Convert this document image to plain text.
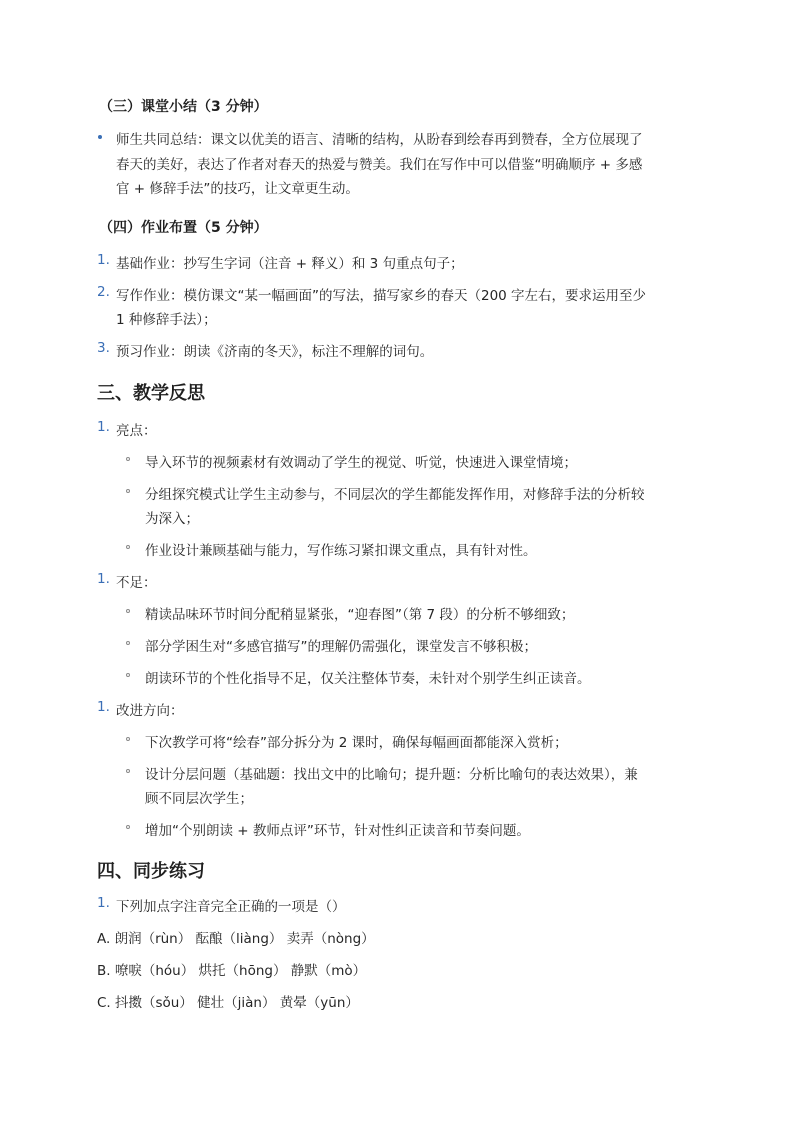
（三）课堂小结（3 分钟）
师生共同总结：课文以优美的语言、清晰的结构，从盼春到绘春再到赞春，全方位展现了
春天的美好，表达了作者对春天的热爱与赞美。我们在写作中可以借鉴“明确顺序 + 多感
官 + 修辞手法”的技巧，让文章更生动。
（四）作业布置（5 分钟）
1. 基础作业：抄写生字词（注音 + 释义）和 3 句重点句子；
2. 写作作业：模仿课文“某一幅画面”的写法，描写家乡的春天（200 字左右，要求运用至少
1 种修辞手法）；
3. 预习作业：朗读《济南的冬天》，标注不理解的词句。
三、教学反思
1. 亮点：
导入环节的视频素材有效调动了学生的视觉、听觉，快速进入课堂情境；
分组探究模式让学生主动参与，不同层次的学生都能发挥作用，对修辞手法的分析较
为深入；
作业设计兼顾基础与能力，写作练习紧扣课文重点，具有针对性。
1. 不足：
精读品味环节时间分配稍显紧张，“迎春图”（第 7 段）的分析不够细致；
部分学困生对“多感官描写”的理解仍需强化，课堂发言不够积极；
朗读环节的个性化指导不足，仅关注整体节奏，未针对个别学生纠正读音。
1. 改进方向：
下次教学可将“绘春”部分拆分为 2 课时，确保每幅画面都能深入赏析；
设计分层问题（基础题：找出文中的比喻句；提升题：分析比喻句的表达效果），兼
顾不同层次学生；
增加“个别朗读 + 教师点评”环节，针对性纠正读音和节奏问题。
四、同步练习
1. 下列加点字注音完全正确的一项是（）
A. 朗润（rùn） 酝酿（liàng） 卖弄（nòng）
B. 嘹唳（hóu） 烘托（hōng） 静默（mò）
C. 抖擞（sǒu） 健壮（jiàn） 黄晕（yūn）
